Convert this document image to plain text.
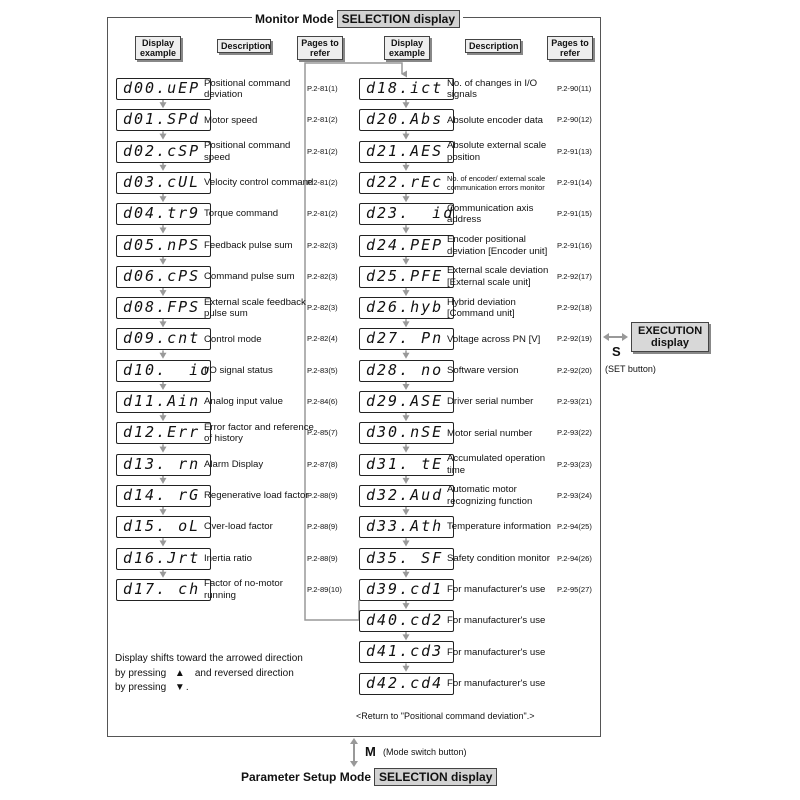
Monitor Mode SELECTION display
Parameter Setup Mode SELECTION display
Display example
Description	Pages to refer
Display example
Description	Pages to refer
d00.uEP Positional command deviation
P.2-81(1)
d01.SPd Motor speed	P.2-81(2)
d02.cSP Positional command speed
P.2-81(2)
d03.cUL Velocity control command
P.2-81(2)
d04.tr9 Torque command	P.2-81(2)
d05.nPS Feedback pulse sum	P.2-82(3)
d06.cPS Command pulse sum	P.2-82(3)
d08.FPS External scale feedback pulse sum
P.2-82(3)
d09.cnt Control mode	P.2-82(4)
d10.  io
I/O signal status	P.2-83(5)
d11.Ain Analog input value	P.2-84(6)
d12.Err Error factor and reference of history
P.2-85(7)
d13. rn Alarm Display	P.2-87(8)
d14. rG Regenerative load factor
P.2-88(9)
d15. oL Over-load factor	P.2-88(9)
d16.Jrt Inertia ratio	P.2-88(9)
d17. ch Factor of no-motor running
P.2-89(10)
d18.ict No. of changes in I/O signals
P.2-90(11)
d20.Abs Absolute encoder data	P.2-90(12)
d21.AES Absolute external scale position
P.2-91(13)
d22.rEc No. of encoder/ external scale communication errors monitor
P.2-91(14)
d23.  id
Communication axis address
P.2-91(15)
d24.PEP Encoder positional deviation [Encoder unit]
P.2-91(16)
d25.PFE External scale deviation [External scale unit]
P.2-92(17)
d26.hyb Hybrid deviation [Command unit]
P.2-92(18)
d27. Pn Voltage across PN [V]	P.2-92(19)
d28. no Software version	P.2-92(20)
d29.ASE Driver serial number	P.2-93(21)
d30.nSE Motor serial number	P.2-93(22)
d31. tE Accumulated operation time
P.2-93(23)
d32.Aud Automatic motor recognizing function
P.2-93(24)
d33.Ath Temperature information P.2-94(25)
d35. SF Safety condition monitor P.2-94(26)
d39.cd1 For manufacturer's use	P.2-95(27)
d40.cd2 For manufacturer's use
d41.cd3 For manufacturer's use
d42.cd4 For manufacturer's use
Display shifts toward the arrowed direction
by pressing ▲ and reversed direction
by pressing ▼.
<Return to "Positional command deviation".>
EXECUTION display
S
(SET button)
M (Mode switch button)
